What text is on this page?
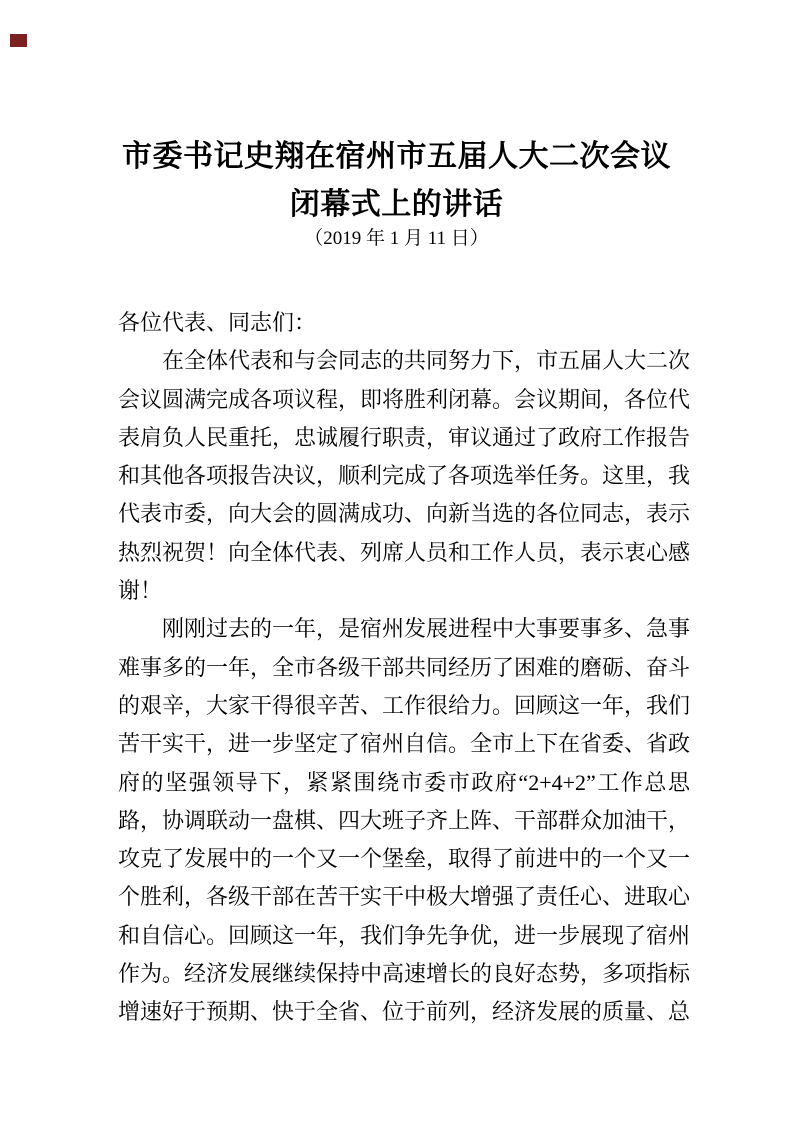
市委书记史翔在宿州市五届人大二次会议
闭幕式上的讲话
（2019 年 1 月 11 日）
各位代表、同志们：
在全体代表和与会同志的共同努力下，市五届人大二次
会议圆满完成各项议程，即将胜利闭幕。会议期间，各位代
表肩负人民重托，忠诚履行职责，审议通过了政府工作报告
和其他各项报告决议，顺利完成了各项选举任务。这里，我
代表市委，向大会的圆满成功、向新当选的各位同志，表示
热烈祝贺！向全体代表、列席人员和工作人员，表示衷心感
谢！
刚刚过去的一年，是宿州发展进程中大事要事多、急事
难事多的一年，全市各级干部共同经历了困难的磨砺、奋斗
的艰辛，大家干得很辛苦、工作很给力。回顾这一年，我们
苦干实干，进一步坚定了宿州自信。全市上下在省委、省政
府的坚强领导下，紧紧围绕市委市政府“2+4+2”工作总思
路，协调联动一盘棋、四大班子齐上阵、干部群众加油干，
攻克了发展中的一个又一个堡垒，取得了前进中的一个又一
个胜利，各级干部在苦干实干中极大增强了责任心、进取心
和自信心。回顾这一年，我们争先争优，进一步展现了宿州
作为。经济发展继续保持中高速增长的良好态势，多项指标
增速好于预期、快于全省、位于前列，经济发展的质量、总
